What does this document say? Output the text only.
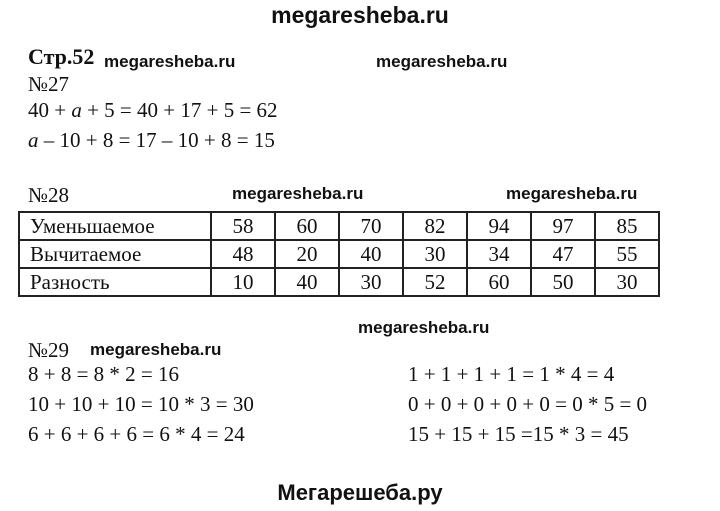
megaresheba.ru
Стр.52 megaresheba.ru	megaresheba.ru
№27
40 + a + 5 = 40 + 17 + 5 = 62
a – 10 + 8 = 17 – 10 + 8 = 15
№28	megaresheba.ru	megaresheba.ru
Уменьшаемое	58	60	70	82	94	97	85
Вычитаемое	48	20	40	30	34	47	55
Разность	10	40	30	52	60	50	30
megaresheba.ru
№29 megaresheba.ru
8 + 8 = 8 * 2 = 16
10 + 10 + 10 = 10 * 3 = 30
6 + 6 + 6 + 6 = 6 * 4 = 24
1 + 1 + 1 + 1 = 1 * 4 = 4
0 + 0 + 0 + 0 + 0 = 0 * 5 = 0
15 + 15 + 15 =15 * 3 = 45
Мегарешеба.ру
